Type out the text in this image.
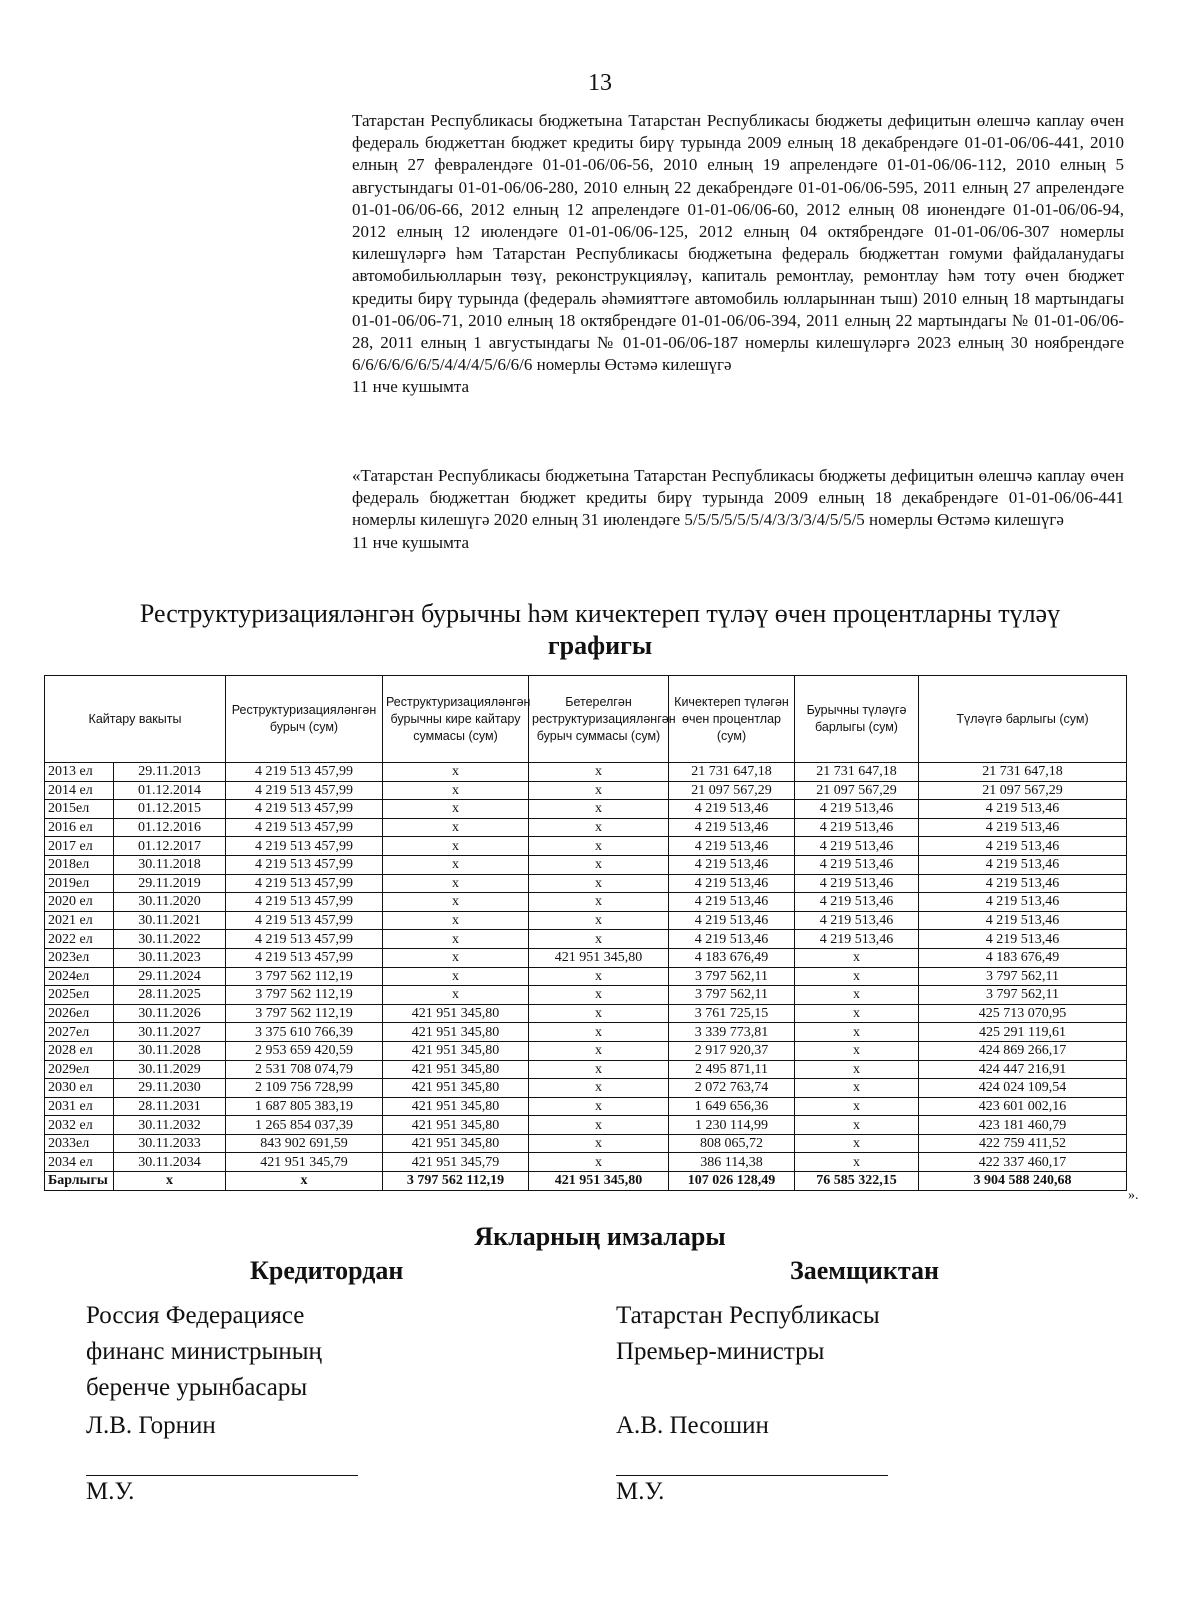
13

Татарстан Республикасы бюджетына Татарстан Республикасы бюджеты дефицитын өлешчә каплау өчен федераль бюджеттан бюджет кредиты бирү турында 2009 елның 18 декабрендәге 01-01-06/06-441, 2010 елның 27 февралендәге 01-01-06/06-56, 2010 елның 19 апрелендәге 01-01-06/06-112, 2010 елның 5 августындагы 01-01-06/06-280, 2010 елның 22 декабрендәге 01-01-06/06-595, 2011 елның 27 апрелендәге 01-01-06/06-66, 2012 елның 12 апрелендәге 01-01-06/06-60, 2012 елның 08 июнендәге 01-01-06/06-94, 2012 елның 12 июлендәге 01-01-06/06-125, 2012 елның 04 октябрендәге 01-01-06/06-307 номерлы килешүләргә һәм Татарстан Республикасы бюджетына федераль бюджеттан гомуми файдаланудагы автомобильюлларын төзү, реконструкцияләү, капиталь ремонтлау, ремонтлау һәм тоту өчен бюджет кредиты бирү турында (федераль әһәмияттәге автомобиль юлларыннан тыш) 2010 елның 18 мартындагы 01-01-06/06-71, 2010 елның 18 октябрендәге 01-01-06/06-394, 2011 елның 22 мартындагы № 01-01-06/06-28, 2011 елның 1 августындагы № 01-01-06/06-187 номерлы килешүләргә 2023 елның 30 ноябрендәге 6/6/6/6/6/6/5/4/4/4/5/6/6/6 номерлы Өстәмә килешүгә

11 нче кушымта

«Татарстан Республикасы бюджетына Татарстан Республикасы бюджеты дефицитын өлешчә каплау өчен федераль бюджеттан бюджет кредиты бирү турында 2009 елның 18 декабрендәге 01-01-06/06-441 номерлы килешүгә 2020 елның 31 июлендәге 5/5/5/5/5/5/4/3/3/3/4/5/5/5 номерлы Өстәмә килешүгә

11 нче кушымта

Реструктуризацияләнгән бурычны һәм кичектереп түләү өчен процентларны түләү
графигы
Кайтару вакыты		Реструктуризацияләнгән бурыч (сум)	Реструктуризацияләнгән бурычны кире кайтару суммасы (сум)	Бетерелгән реструктуризацияләнгән бурыч суммасы (сум)	Кичектереп түләгән өчен процентлар (сум)	Бурычны түләүгә барлыгы (сум)	Түләүгә барлыгы (сум)
2013 ел	29.11.2013	4 219 513 457,99	x	x	21 731 647,18	21 731 647,18	21 731 647,18
2014 ел	01.12.2014	4 219 513 457,99	x	x	21 097 567,29	21 097 567,29	21 097 567,29
2015ел	01.12.2015	4 219 513 457,99	x	x	4 219 513,46	4 219 513,46	4 219 513,46
2016 ел	01.12.2016	4 219 513 457,99	x	x	4 219 513,46	4 219 513,46	4 219 513,46
2017 ел	01.12.2017	4 219 513 457,99	x	x	4 219 513,46	4 219 513,46	4 219 513,46
2018ел	30.11.2018	4 219 513 457,99	x	x	4 219 513,46	4 219 513,46	4 219 513,46
2019ел	29.11.2019	4 219 513 457,99	x	x	4 219 513,46	4 219 513,46	4 219 513,46
2020 ел	30.11.2020	4 219 513 457,99	x	x	4 219 513,46	4 219 513,46	4 219 513,46
2021 ел	30.11.2021	4 219 513 457,99	x	x	4 219 513,46	4 219 513,46	4 219 513,46
2022 ел	30.11.2022	4 219 513 457,99	x	x	4 219 513,46	4 219 513,46	4 219 513,46
2023ел	30.11.2023	4 219 513 457,99	x	421 951 345,80	4 183 676,49	x	4 183 676,49
2024ел	29.11.2024	3 797 562 112,19	x	x	3 797 562,11	x	3 797 562,11
2025ел	28.11.2025	3 797 562 112,19	x	x	3 797 562,11	x	3 797 562,11
2026ел	30.11.2026	3 797 562 112,19	421 951 345,80	x	3 761 725,15	x	425 713 070,95
2027ел	30.11.2027	3 375 610 766,39	421 951 345,80	x	3 339 773,81	x	425 291 119,61
2028 ел	30.11.2028	2 953 659 420,59	421 951 345,80	x	2 917 920,37	x	424 869 266,17
2029ел	30.11.2029	2 531 708 074,79	421 951 345,80	x	2 495 871,11	x	424 447 216,91
2030 ел	29.11.2030	2 109 756 728,99	421 951 345,80	x	2 072 763,74	x	424 024 109,54
2031 ел	28.11.2031	1 687 805 383,19	421 951 345,80	x	1 649 656,36	x	423 601 002,16
2032 ел	30.11.2032	1 265 854 037,39	421 951 345,80	x	1 230 114,99	x	423 181 460,79
2033ел	30.11.2033	843 902 691,59	421 951 345,80	x	808 065,72	x	422 759 411,52
2034 ел	30.11.2034	421 951 345,79	421 951 345,79	x	386 114,38	x	422 337 460,17
Барлыгы	x	x	3 797 562 112,19	421 951 345,80	107 026 128,49	76 585 322,15	3 904 588 240,68
».
Якларның имзалары
Кредитордан	Заемщиктан
Россия Федерациясе
финанс министрының
беренче урынбасары
Татарстан Республикасы
Премьер-министры
Л.В. Горнин	А.В. Песошин
М.У.	М.У.
